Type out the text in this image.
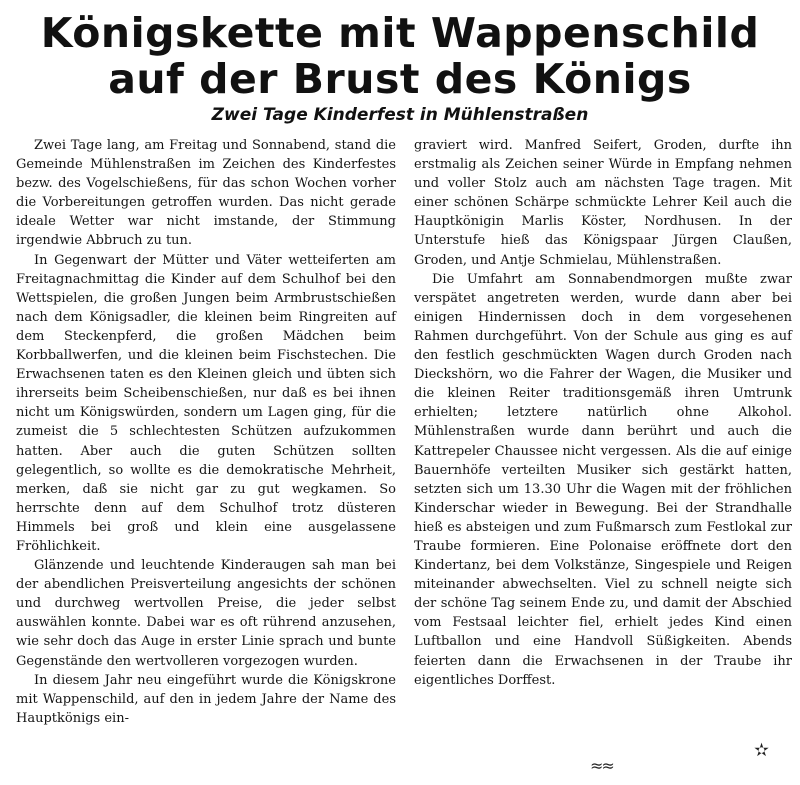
Königskette mit Wappenschild
auf der Brust des Königs
Zwei Tage Kinderfest in Mühlenstraßen

Zwei Tage lang, am Freitag und Sonnabend, stand die Gemeinde Mühlenstraßen im Zeichen des Kinderfestes bezw. des Vogelschießens, für das schon Wochen vorher die Vorbereitungen getroffen wurden. Das nicht gerade ideale Wetter war nicht imstande, der Stimmung irgendwie Abbruch zu tun.

In Gegenwart der Mütter und Väter wetteiferten am Freitagnachmittag die Kinder auf dem Schulhof bei den Wettspielen, die großen Jungen beim Armbrustschießen nach dem Königsadler, die kleinen beim Ringreiten auf dem Steckenpferd, die großen Mädchen beim Korbballwerfen, und die kleinen beim Fischstechen. Die Erwachsenen taten es den Kleinen gleich und übten sich ihrerseits beim Scheibenschießen, nur daß es bei ihnen nicht um Königswürden, sondern um Lagen ging, für die zumeist die 5 schlechtesten Schützen aufzukommen hatten. Aber auch die guten Schützen sollten gelegentlich, so wollte es die demokratische Mehrheit, merken, daß sie nicht gar zu gut wegkamen. So herrschte denn auf dem Schulhof trotz düsteren Himmels bei groß und klein eine ausgelassene Fröhlichkeit.

Glänzende und leuchtende Kinderaugen sah man bei der abendlichen Preisverteilung angesichts der schönen und durchweg wertvollen Preise, die jeder selbst auswählen konnte. Dabei war es oft rührend anzusehen, wie sehr doch das Auge in erster Linie sprach und bunte Gegenstände den wertvolleren vorgezogen wurden.

In diesem Jahr neu eingeführt wurde die Königskrone mit Wappenschild, auf den in jedem Jahre der Name des Hauptkönigs ein-

graviert wird. Manfred Seifert, Groden, durfte ihn erstmalig als Zeichen seiner Würde in Empfang nehmen und voller Stolz auch am nächsten Tage tragen. Mit einer schönen Schärpe schmückte Lehrer Keil auch die Hauptkönigin Marlis Köster, Nordhusen. In der Unterstufe hieß das Königspaar Jürgen Claußen, Groden, und Antje Schmielau, Mühlenstraßen.

Die Umfahrt am Sonnabendmorgen mußte zwar verspätet angetreten werden, wurde dann aber bei einigen Hindernissen doch in dem vorgesehenen Rahmen durchgeführt. Von der Schule aus ging es auf den festlich geschmückten Wagen durch Groden nach Dieckshörn, wo die Fahrer der Wagen, die Musiker und die kleinen Reiter traditionsgemäß ihren Umtrunk erhielten; letztere natürlich ohne Alkohol. Mühlenstraßen wurde dann berührt und auch die Kattrepeler Chaussee nicht vergessen. Als die auf einige Bauernhöfe verteilten Musiker sich gestärkt hatten, setzten sich um 13.30 Uhr die Wagen mit der fröhlichen Kinderschar wieder in Bewegung. Bei der Strandhalle hieß es absteigen und zum Fußmarsch zum Festlokal zur Traube formieren. Eine Polonaise eröffnete dort den Kindertanz, bei dem Volkstänze, Singespiele und Reigen miteinander abwechselten. Viel zu schnell neigte sich der schöne Tag seinem Ende zu, und damit der Abschied vom Festsaal leichter fiel, erhielt jedes Kind einen Luftballon und eine Handvoll Süßigkeiten. Abends feierten dann die Erwachsenen in der Traube ihr eigentliches Dorffest.

≈≈
✫
